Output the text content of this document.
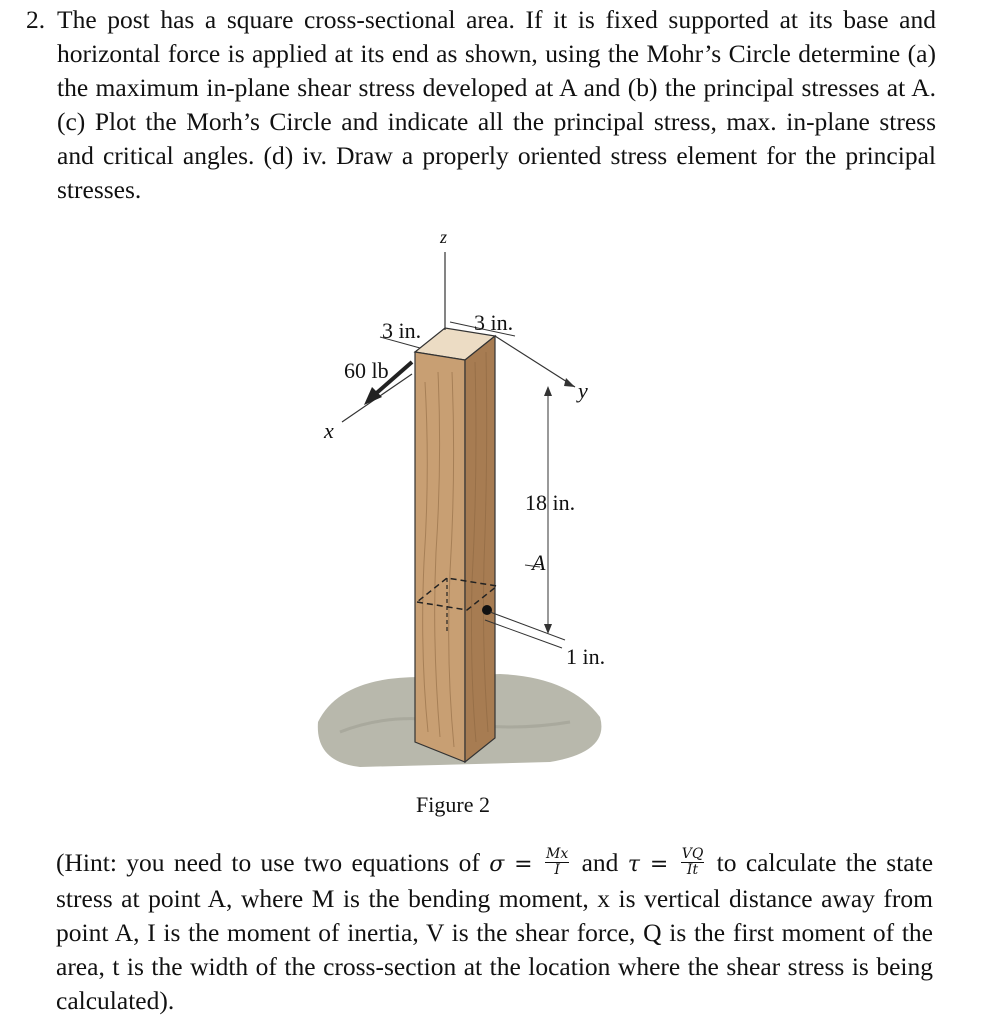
2. The post has a square cross-sectional area. If it is fixed supported at its base and horizontal force is applied at its end as shown, using the Mohr’s Circle determine (a) the maximum in-plane shear stress developed at A and (b) the principal stresses at A. (c) Plot the Morh’s Circle and indicate all the principal stress, max. in-plane stress and critical angles. (d) iv. Draw a properly oriented stress element for the principal stresses.
z
3 in. 3 in.
60 lb
x
y
18 in.
A
1 in.
Figure 2
(Hint: you need to use two equations of $\sigma = \frac{Mx}{I}$ and $\tau = \frac{VQ}{It}$ to calculate the state stress at point A, where M is the bending moment, x is vertical distance away from point A, I is the moment of inertia, V is the shear force, Q is the first moment of the area, t is the width of the cross-section at the location where the shear stress is being calculated).
